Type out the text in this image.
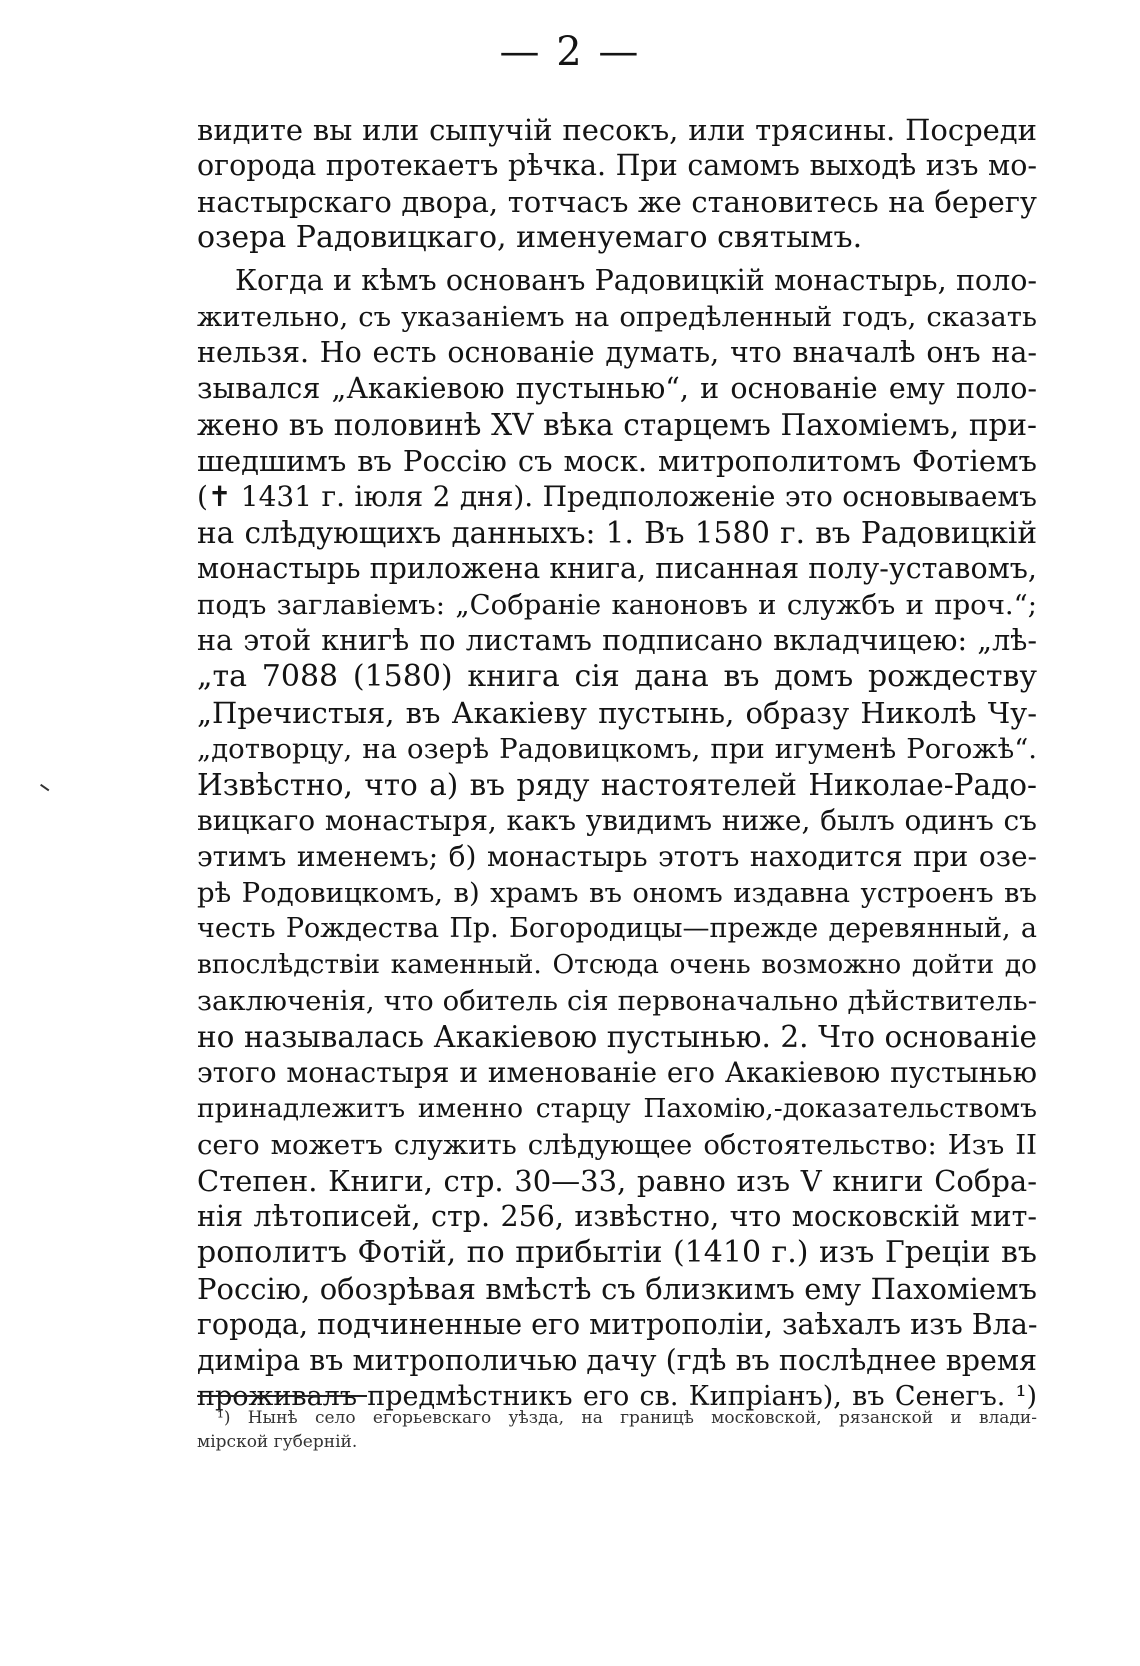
— 2 —
видите вы или сыпучій песокъ, или трясины. Посреди
огорода протекаетъ рѣчка. При самомъ выходѣ изъ мо-
настырскаго двора, тотчасъ же становитесь на берегу
озера Радовицкаго, именуемаго святымъ.
Когда и кѣмъ основанъ Радовицкій монастырь, поло-
жительно, съ указаніемъ на опредѣленный годъ, сказать
нельзя. Но есть основаніе думать, что вначалѣ онъ на-
зывался „Акакіевою пустынью“, и основаніе ему поло-
жено въ половинѣ XV вѣка старцемъ Пахоміемъ, при-
шедшимъ въ Россію съ моск. митрополитомъ Фотіемъ
(✝ 1431 г. іюля 2 дня). Предположеніе это основываемъ
на слѣдующихъ данныхъ: 1. Въ 1580 г. въ Радовицкій
монастырь приложена книга, писанная полу-уставомъ,
подъ заглавіемъ: „Собраніе каноновъ и службъ и проч.“;
на этой книгѣ по листамъ подписано вкладчицею: „лѣ-
„та 7088 (1580) книга сія дана въ домъ рождеству
„Пречистыя, въ Акакіеву пустынь, образу Николѣ Чу-
„дотворцу, на озерѣ Радовицкомъ, при игуменѣ Рогожѣ“.
Извѣстно, что а) въ ряду настоятелей Николае-Радо-
вицкаго монастыря, какъ увидимъ ниже, былъ одинъ съ
этимъ именемъ; б) монастырь этотъ находится при озе-
рѣ Родовицкомъ, в) храмъ въ ономъ издавна устроенъ въ
честь Рождества Пр. Богородицы—прежде деревянный, а
впослѣдствіи каменный. Отсюда очень возможно дойти до
заключенія, что обитель сія первоначально дѣйствитель-
но называлась Акакіевою пустынью. 2. Что основаніе
этого монастыря и именованіе его Акакіевою пустынью
принадлежитъ именно старцу Пахомію,-доказательствомъ
сего можетъ служить слѣдующее обстоятельство: Изъ II
Степен. Книги, стр. 30—33, равно изъ V книги Собра-
нія лѣтописей, стр. 256, извѣстно, что московскій мит-
рополитъ Фотій, по прибытіи (1410 г.) изъ Греціи въ
Россію, обозрѣвая вмѣстѣ съ близкимъ ему Пахоміемъ
города, подчиненные его митрополіи, заѣхалъ изъ Вла-
диміра въ митрополичью дачу (гдѣ въ послѣднее время
проживалъ предмѣстникъ его св. Кипріанъ), въ Сенегъ. ¹)
¹) Нынѣ село егорьевскаго уѣзда, на границѣ московской, рязанской и влади-
мірской губерній.
